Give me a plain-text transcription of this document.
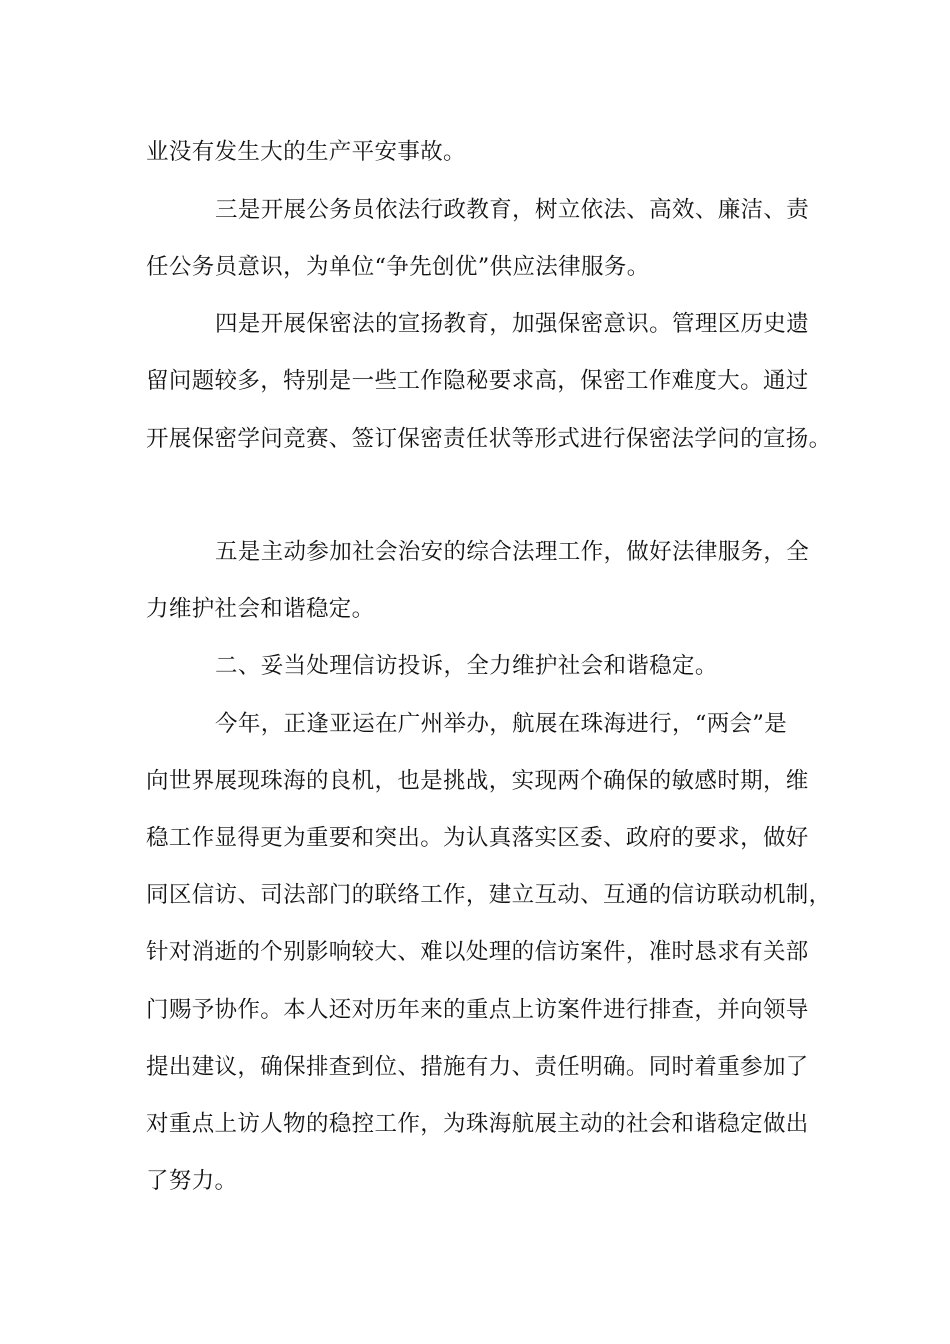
业没有发生大的生产平安事故。

三是开展公务员依法行政教育，树立依法、高效、廉洁、责

任公务员意识，为单位“争先创优”供应法律服务。

四是开展保密法的宣扬教育，加强保密意识。管理区历史遗

留问题较多，特别是一些工作隐秘要求高，保密工作难度大。通过

开展保密学问竞赛、签订保密责任状等形式进行保密法学问的宣扬。

五是主动参加社会治安的综合法理工作，做好法律服务，全

力维护社会和谐稳定。

二、妥当处理信访投诉，全力维护社会和谐稳定。

今年，正逢亚运在广州举办，航展在珠海进行，“两会”是

向世界展现珠海的良机，也是挑战，实现两个确保的敏感时期，维

稳工作显得更为重要和突出。为认真落实区委、政府的要求，做好

同区信访、司法部门的联络工作，建立互动、互通的信访联动机制，

针对消逝的个别影响较大、难以处理的信访案件，准时恳求有关部

门赐予协作。本人还对历年来的重点上访案件进行排查，并向领导

提出建议，确保排查到位、措施有力、责任明确。同时着重参加了

对重点上访人物的稳控工作，为珠海航展主动的社会和谐稳定做出

了努力。
